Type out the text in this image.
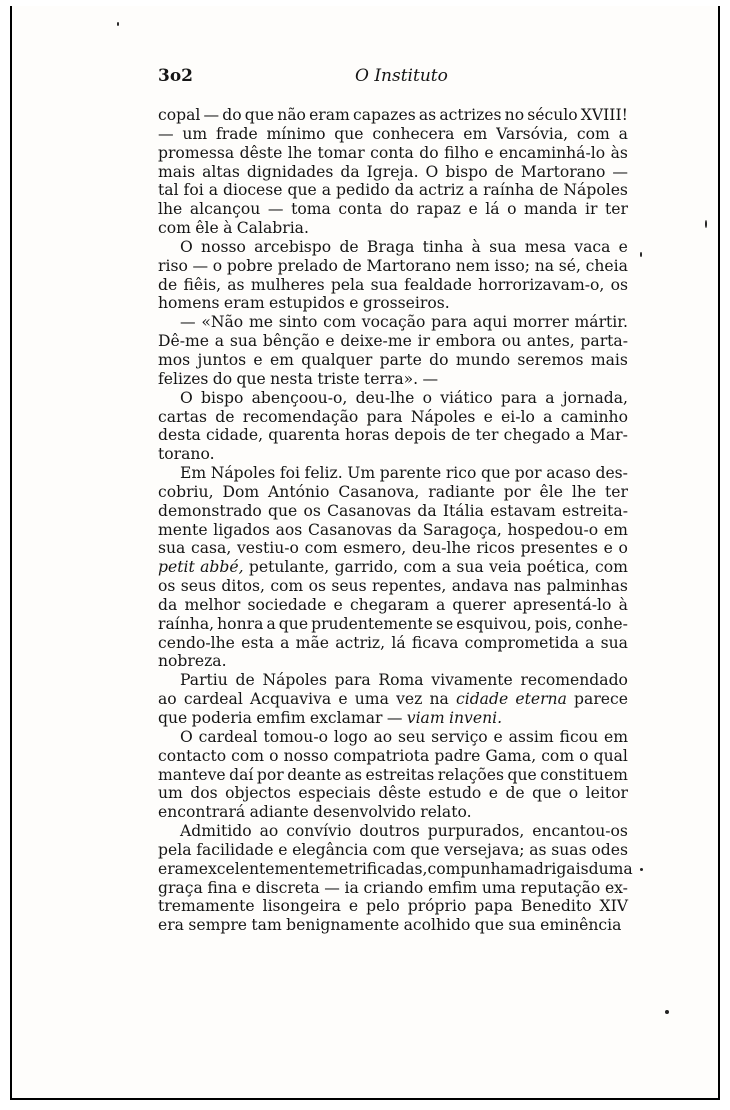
3o2	O Instituto
copal — do que não eram capazes as actrizes no século XVIII!
— um frade mínimo que conhecera em Varsóvia, com a
promessa dêste lhe tomar conta do filho e encaminhá-lo às
mais altas dignidades da Igreja. O bispo de Martorano —
tal foi a diocese que a pedido da actriz a raínha de Nápoles
lhe alcançou — toma conta do rapaz e lá o manda ir ter
com êle à Calabria.
O nosso arcebispo de Braga tinha à sua mesa vaca e
riso — o pobre prelado de Martorano nem isso; na sé, cheia
de fiêis, as mulheres pela sua fealdade horrorizavam-o, os
homens eram estupidos e grosseiros.
— «Não me sinto com vocação para aqui morrer mártir.
Dê-me a sua bênção e deixe-me ir embora ou antes, parta-
mos juntos e em qualquer parte do mundo seremos mais
felizes do que nesta triste terra». —
O bispo abençoou-o, deu-lhe o viático para a jornada,
cartas de recomendação para Nápoles e ei-lo a caminho
desta cidade, quarenta horas depois de ter chegado a Mar-
torano.
Em Nápoles foi feliz. Um parente rico que por acaso des-
cobriu, Dom António Casanova, radiante por êle lhe ter
demonstrado que os Casanovas da Itália estavam estreita-
mente ligados aos Casanovas da Saragoça, hospedou-o em
sua casa, vestiu-o com esmero, deu-lhe ricos presentes e o
petit abbé, petulante, garrido, com a sua veia poética, com
os seus ditos, com os seus repentes, andava nas palminhas
da melhor sociedade e chegaram a querer apresentá-lo à
raínha, honra a que prudentemente se esquivou, pois, conhe-
cendo-lhe esta a mãe actriz, lá ficava comprometida a sua
nobreza.
Partiu de Nápoles para Roma vivamente recomendado
ao cardeal Acquaviva e uma vez na cidade eterna parece
que poderia emfim exclamar — viam inveni.
O cardeal tomou-o logo ao seu serviço e assim ficou em
contacto com o nosso compatriota padre Gama, com o qual
manteve daí por deante as estreitas relações que constituem
um dos objectos especiais dêste estudo e de que o leitor
encontrará adiante desenvolvido relato.
Admitido ao convívio doutros purpurados, encantou-os
pela facilidade e elegância com que versejava; as suas odes
eram excelentemente metrificadas, compunha madrigais duma
graça fina e discreta — ia criando emfim uma reputação ex-
tremamente lisongeira e pelo próprio papa Benedito XIV
era sempre tam benignamente acolhido que sua eminência
